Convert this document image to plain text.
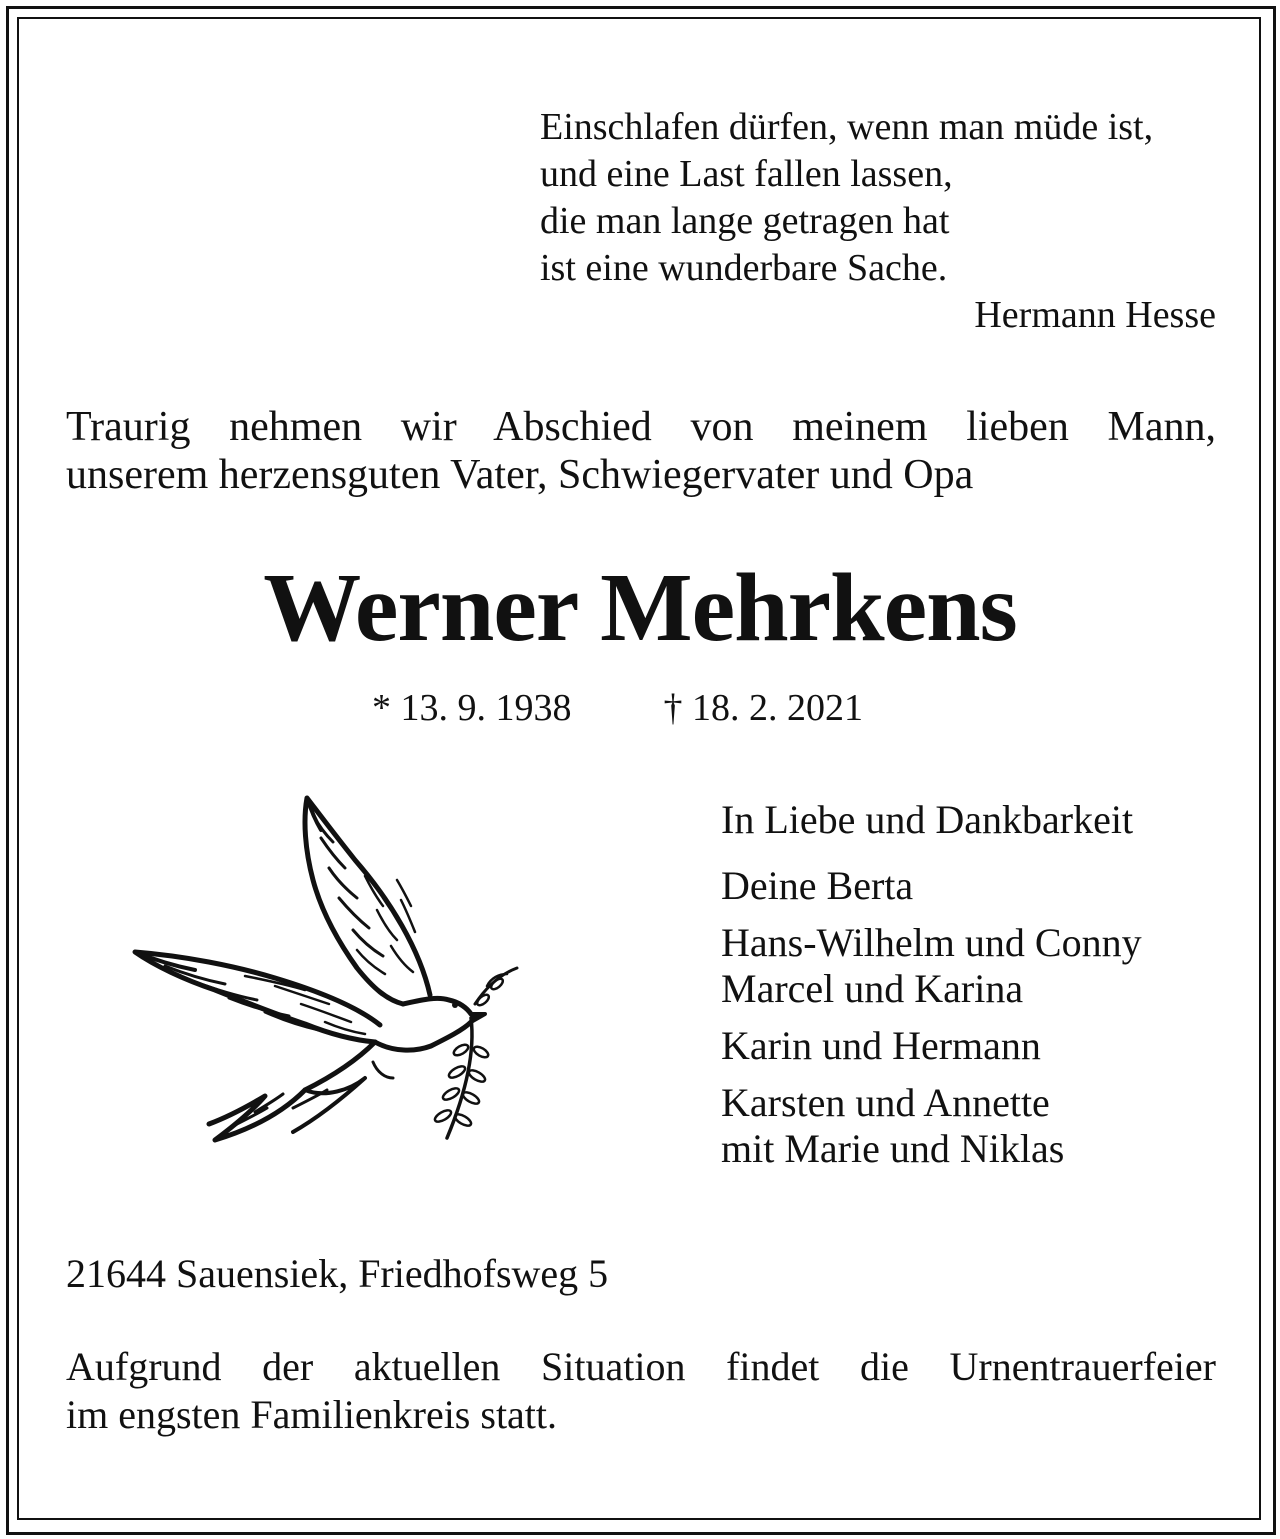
Einschlafen dürfen, wenn man müde ist,
und eine Last fallen lassen,
die man lange getragen hat
ist eine wunderbare Sache.
Hermann Hesse
Traurig nehmen wir Abschied von meinem lieben Mann,
unserem herzensguten Vater, Schwiegervater und Opa
Werner Mehrkens
* 13. 9. 1938 † 18. 2. 2021
In Liebe und Dankbarkeit
Deine Berta
Hans-Wilhelm und Conny
Marcel und Karina
Karin und Hermann
Karsten und Annette
mit Marie und Niklas
21644 Sauensiek, Friedhofsweg 5
Aufgrund der aktuellen Situation findet die Urnentrauerfeier
im engsten Familienkreis statt.
